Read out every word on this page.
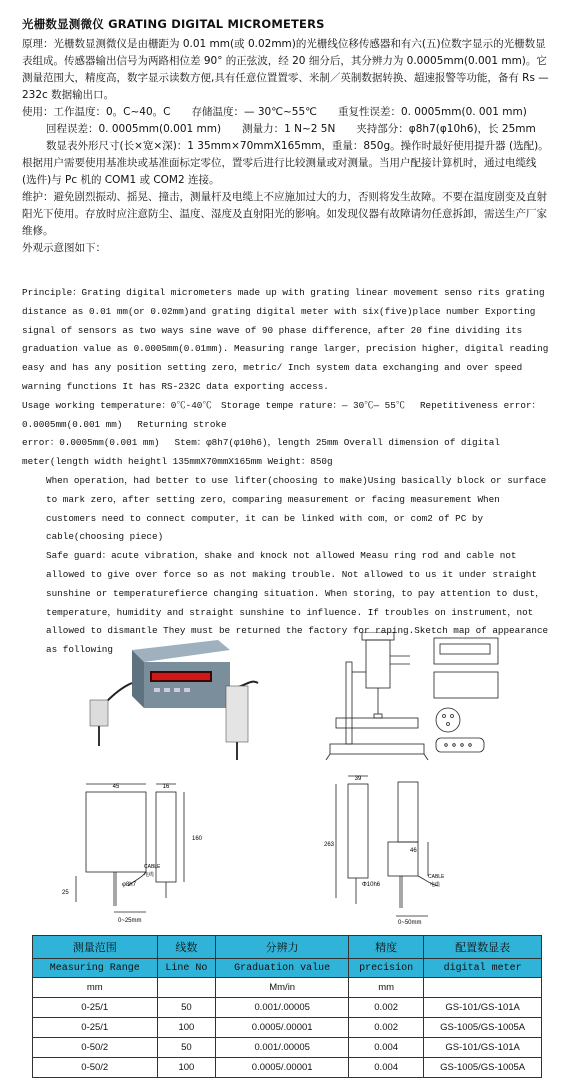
光栅数显测微仪 GRATING DIGITAL MICROMETERS

原理：光栅数显测微仪是由栅距为 0.01 mm(或 0.02mm)的光栅线位移传感器和有六(五)位数字显示的光栅数显表组成。传感器输出信号为两路相位差 90° 的正弦波，经 20 细分后，其分辨力为 0.0005mm(0.001 mm)。它测量范围大，精度高，数字显示读数方便,具有任意位置置零、米制／英制数据转换、超速报警等功能，备有 Rs — 232c 数据输出口。

使用：工作温度：0。C~40。C　　存储温度：— 30℃~55℃　　重复性误差：0. 0005mm(0. 001 mm)

回程误差：0. 0005mm(0.001 mm)　　测量力：1 N~2 5N　　夹持部分：φ8h7(φ10h6)，长 25mm

数显表外形尺寸(长×宽×深)：1 35mm×70mmX165mm，重量：850g。操作时最好使用提升器 (选配)。

根据用户需要使用基准块或基准面标定零位，置零后进行比较测量或对测量。当用户配接计算机时，通过电缆线 (选件)与 Pc 机的 COM1 或 COM2 连接。

维护：避免剧烈振动、摇晃、撞击，测量杆及电缆上不应施加过大的力，否则将发生故障。不要在温度剧变及直射阳光下使用。存放时应注意防尘、温度、湿度及直射阳光的影响。如发现仪器有故障请勿任意拆卸，需送生产厂家维修。

外观示意图如下：

Principle：Grating digital micrometers made up with grating linear movement senso rits grating distance as 0.01 mm(or 0.02mm)and grating digital meter with six(five)place number Exporting signal of sensors as two ways sine wave of 90 phase difference，after 20 fine dividing its graduation value as 0.0005mm(0.01mm). Measuring range larger，precision higher，digital reading easy and has any position setting zero，metric/ Inch system data exchanging and over speed warning functions It has RS-232C data exporting access.

Usage working temperature：0℃-40℃　Storage tempe rature：— 30℃— 55℃　 Repetitiveness error：0.0005mm(0.001 mm)　 Returning stroke

error：0.0005mm(0.001 mm)　 Stem：φ8h7(φ10h6)，length 25mm Overall dimension of digital meter(length width heightl 135mmX70mmX165mm Weight：850g

When operation，had better to use lifter(choosing to make)Using basically block or surface to mark zero，after setting zero，comparing measurement or facing measurement When customers need to connect computer，it can be linked with com，or com2 of PC by cable(choosing piece)

Safe guard：acute vibration，shake and knock not allowed Measu ring rod and cable not allowed to give over force so as not making trouble. Not allowed to us it under straight sunshine or temperaturefierce changing situation. When storing，to pay attention to dust，temperature，humidity and straight sunshine to influence. If troubles on instrument，not allowed to dismantle They must be returned the factory for raping.Sketch map of appearance as following

45	16
160
CABLE
电缆
φ8h7
25
0~25mm
39
263
46
Φ10h6
CABLE
电缆
0~50mm
测量范围	线数	分辨力	精度	配置数显表
Measuring Range	Line No	Graduation value	precision	digital meter
mm		Mm/in	mm	
0-25/1	50	0.001/.00005	0.002	GS-101/GS-101A
0-25/1	100	0.0005/.00001	0.002	GS-1005/GS-1005A
0-50/2	50	0.001/.00005	0.004	GS-101/GS-101A
0-50/2	100	0.0005/.00001	0.004	GS-1005/GS-1005A
